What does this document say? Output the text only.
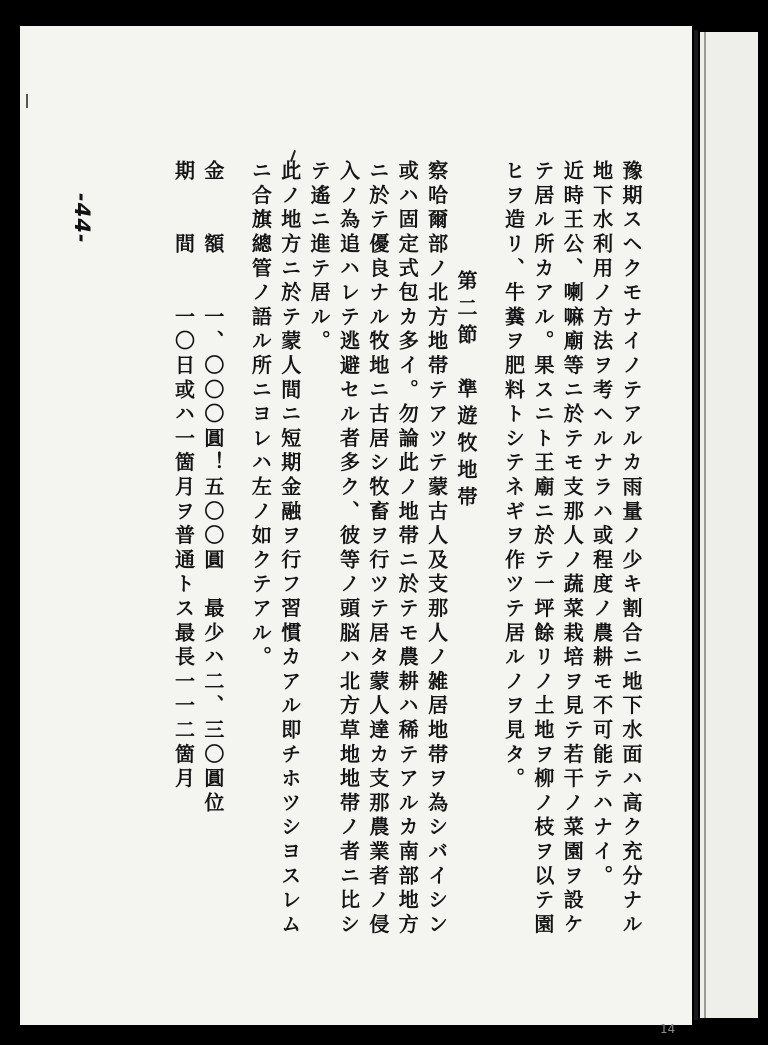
-44-	豫期スヘクモナイノテアルカ雨量ノ少キ割合ニ地下水面ハ高ク充分ナル
地下水利用ノ方法ヲ考ヘルナラハ或程度ノ農耕モ不可能テハナイ。
近時王公、喇嘛廟等ニ於テモ支那人ノ蔬菜栽培ヲ見テ若干ノ菜園ヲ設ケ
テ居ル所カアル。果スニト王廟ニ於テ一坪餘リノ土地ヲ柳ノ枝ヲ以テ園
ヒヲ造リ、牛糞ヲ肥料トシテネギヲ作ツテ居ルノヲ見タ。
第二節　準遊牧地帯
察哈爾部ノ北方地帯テアツテ蒙古人及支那人ノ雑居地帯ヲ為シバイシン
或ハ固定式包カ多イ。勿論此ノ地帯ニ於テモ農耕ハ稀テアルカ南部地方
ニ於テ優良ナル牧地ニ古居シ牧畜ヲ行ツテ居タ蒙人達カ支那農業者ノ侵
入ノ為追ハレテ逃避セル者多ク、彼等ノ頭脳ハ北方草地地帯ノ者ニ比シ
テ遙ニ進テ居ル。
此ノ地方ニ於テ蒙人間ニ短期金融ヲ行フ習慣カアル即チホツシヨスレム
ニ合旗總管ノ語ル所ニヨレハ左ノ如クテアル。
金　　額　　一、〇〇〇圓！五〇〇圓　最少ハ二、三〇圓位
期　　間　　一〇日或ハ一箇月ヲ普通トス最長一一二箇月
14
